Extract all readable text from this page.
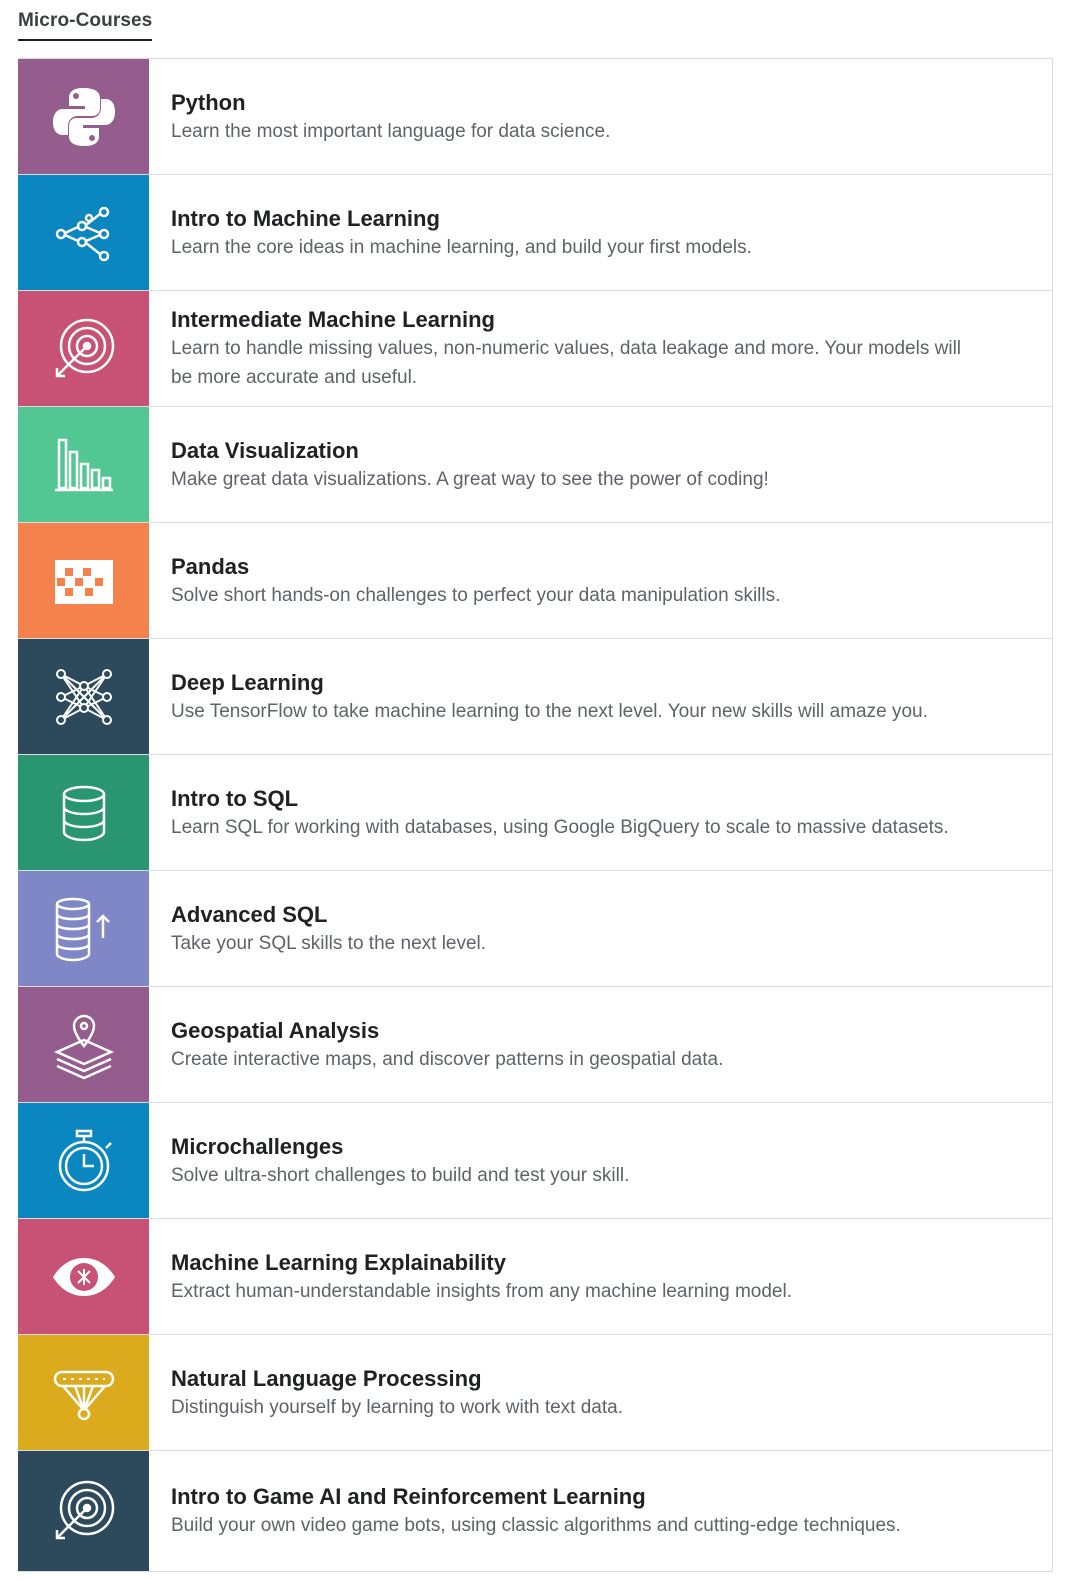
Micro-Courses
Python
Learn the most important language for data science.
Intro to Machine Learning
Learn the core ideas in machine learning, and build your first models.
Intermediate Machine Learning
Learn to handle missing values, non-numeric values, data leakage and more. Your models will be more accurate and useful.
Data Visualization
Make great data visualizations. A great way to see the power of coding!
Pandas
Solve short hands-on challenges to perfect your data manipulation skills.
Deep Learning
Use TensorFlow to take machine learning to the next level. Your new skills will amaze you.
Intro to SQL
Learn SQL for working with databases, using Google BigQuery to scale to massive datasets.
Advanced SQL
Take your SQL skills to the next level.
Geospatial Analysis
Create interactive maps, and discover patterns in geospatial data.
Microchallenges
Solve ultra-short challenges to build and test your skill.
Machine Learning Explainability
Extract human-understandable insights from any machine learning model.
Natural Language Processing
Distinguish yourself by learning to work with text data.
Intro to Game AI and Reinforcement Learning
Build your own video game bots, using classic algorithms and cutting-edge techniques.
